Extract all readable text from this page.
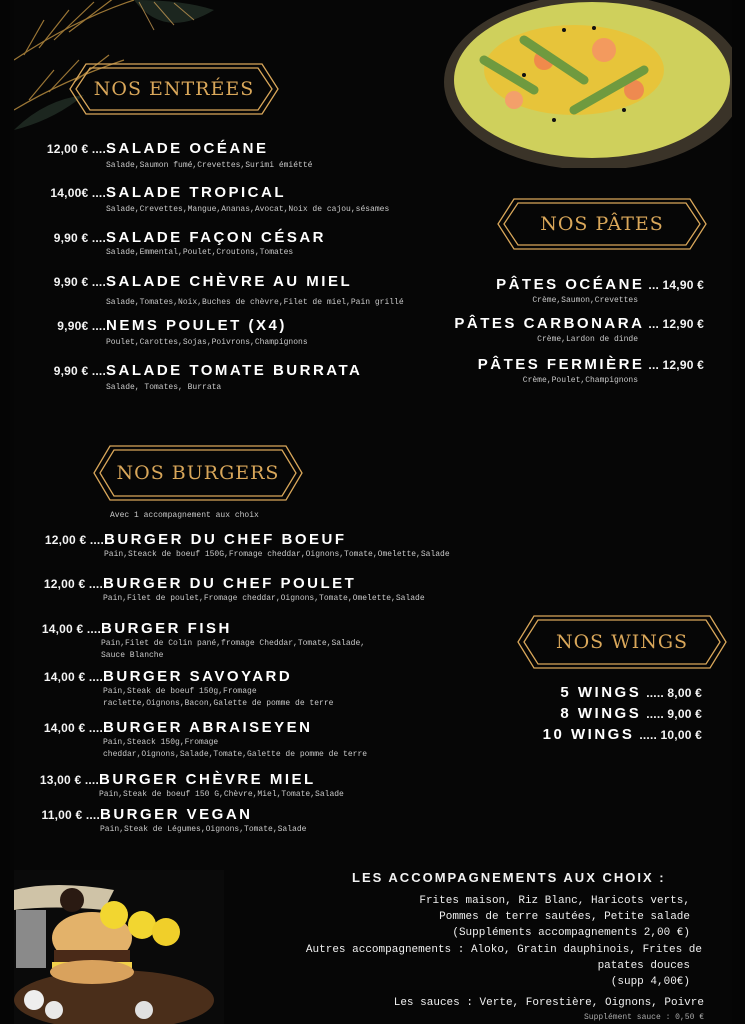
NOS ENTRÉES
12,00 € .... SALADE OCÉANE
Salade,Saumon fumé,Crevettes,Surimi émiétté
14,00€ .... SALADE TROPICAL
Salade,Crevettes,Mangue,Ananas,Avocat,Noix de cajou,sésames
9,90 € .... SALADE FAÇON CÉSAR
Salade,Emmental,Poulet,Croutons,Tomates
9,90 € .... SALADE CHÈVRE AU MIEL
Salade,Tomates,Noix,Buches de chèvre,Filet de miel,Pain grillé
9,90€ .... NEMS POULET (X4)
Poulet,Carottes,Sojas,Poivrons,Champignons
9,90 € .... SALADE TOMATE BURRATA
Salade, Tomates, Burrata
NOS PÂTES
PÂTES OCÉANE ... 14,90 €
Crème,Saumon,Crevettes
PÂTES CARBONARA ... 12,90 €
Crème,Lardon de dinde
PÂTES FERMIÈRE ... 12,90 €
Crème,Poulet,Champignons
NOS BURGERS
Avec 1 accompagnement aux choix
12,00 € .... BURGER DU CHEF BOEUF
Pain,Steack de boeuf 150G,Fromage cheddar,Oignons,Tomate,Omelette,Salade
12,00 € .... BURGER DU CHEF POULET
Pain,Filet de poulet,Fromage cheddar,Oignons,Tomate,Omelette,Salade
14,00 € .... BURGER FISH
Pain,Filet de Colin pané,fromage Cheddar,Tomate,Salade,
Sauce Blanche
14,00 € .... BURGER SAVOYARD
Pain,Steak de boeuf 150g,Fromage
raclette,Oignons,Bacon,Galette de pomme de terre
14,00 € .... BURGER ABRAISEYEN
Pain,Steack 150g,Fromage
cheddar,Oignons,Salade,Tomate,Galette de pomme de terre
13,00 € .... BURGER CHÈVRE MIEL
Pain,Steak de boeuf 150 G,Chèvre,Miel,Tomate,Salade
11,00 € .... BURGER VEGAN
Pain,Steak de Légumes,Oignons,Tomate,Salade
NOS WINGS
5 WINGS ..... 8,00 €
8 WINGS ..... 9,00 €
10 WINGS ..... 10,00 €
LES ACCOMPAGNEMENTS AUX CHOIX :
Frites maison, Riz Blanc, Haricots verts,
Pommes de terre sautées, Petite salade
(Suppléments accompagnements 2,00 €)
Autres accompagnements : Aloko, Gratin dauphinois, Frites de
patates douces
(supp 4,00€)
Les sauces : Verte, Forestière, Oignons, Poivre
Supplément sauce : 0,50 €
